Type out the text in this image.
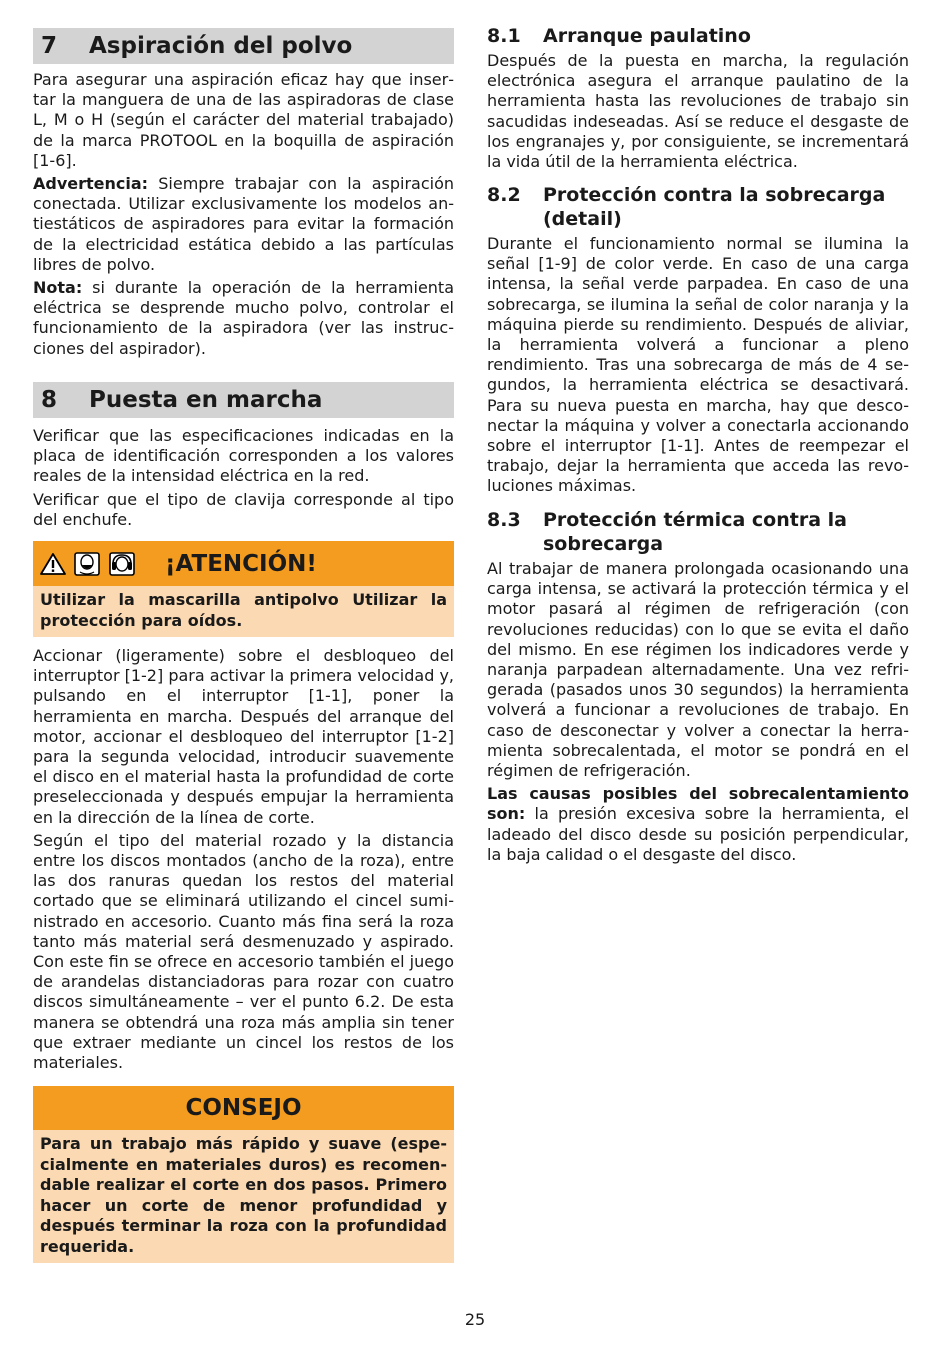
7 Aspiración del polvo

Para asegurar una aspiración eficaz hay que insertar la manguera de una de las aspiradoras de clase L, M o H (según el carácter del material trabajado) de la marca PROTOOL en la boquilla de aspiración [1-6].

Advertencia: Siempre trabajar con la aspiración conectada. Utilizar exclusivamente los modelos antiestáticos de aspiradores para evitar la formación de la electricidad estática debido a las partículas libres de polvo.

Nota: si durante la operación de la herramienta eléctrica se desprende mucho polvo, controlar el funcionamiento de la aspiradora (ver las instrucciones del aspirador).

8 Puesta en marcha

Verificar que las especificaciones indicadas en la placa de identificación corresponden a los valores reales de la intensidad eléctrica en la red.

Verificar que el tipo de clavija corresponde al tipo del enchufe.

¡ATENCIÓN!

Utilizar la mascarilla antipolvo Utilizar la protección para oídos.

Accionar (ligeramente) sobre el desbloqueo del interruptor [1-2] para activar la primera velocidad y, pulsando en el interruptor [1-1], poner la herramienta en marcha. Después del arranque del motor, accionar el desbloqueo del interruptor [1-2] para la segunda velocidad, introducir suavemente el disco en el material hasta la profundidad de corte preseleccionada y después empujar la herramienta en la dirección de la línea de corte.

Según el tipo del material rozado y la distancia entre los discos montados (ancho de la roza), entre las dos ranuras quedan los restos del material cortado que se eliminará utilizando el cincel suministrado en accesorio. Cuanto más fina será la roza tanto más material será desmenuzado y aspirado. Con este fin se ofrece en accesorio también el juego de arandelas distanciadoras para rozar con cuatro discos simultáneamente – ver el punto 6.2. De esta manera se obtendrá una roza más amplia sin tener que extraer mediante un cincel los restos de los materiales.

CONSEJO

Para un trabajo más rápido y suave (especialmente en materiales duros) es recomendable realizar el corte en dos pasos. Primero hacer un corte de menor profundidad y después terminar la roza con la profundidad requerida.

8.1 Arranque paulatino

Después de la puesta en marcha, la regulación electrónica asegura el arranque paulatino de la herramienta hasta las revoluciones de trabajo sin sacudidas indeseadas. Así se reduce el desgaste de los engranajes y, por consiguiente, se incrementará la vida útil de la herramienta eléctrica.

8.2 Protección contra la sobrecarga (detail)

Durante el funcionamiento normal se ilumina la señal [1-9] de color verde. En caso de una carga intensa, la señal verde parpadea. En caso de una sobrecarga, se ilumina la señal de color naranja y la máquina pierde su rendimiento. Después de aliviar, la herramienta volverá a funcionar a pleno rendimiento. Tras una sobrecarga de más de 4 segundos, la herramienta eléctrica se desactivará. Para su nueva puesta en marcha, hay que desconectar la máquina y volver a conectarla accionando sobre el interruptor [1-1]. Antes de reempezar el trabajo, dejar la herramienta que acceda las revoluciones máximas.

8.3 Protección térmica contra la sobrecarga

Al trabajar de manera prolongada ocasionando una carga intensa, se activará la protección térmica y el motor pasará al régimen de refrigeración (con revoluciones reducidas) con lo que se evita el daño del mismo. En ese régimen los indicadores verde y naranja parpadean alternadamente. Una vez refrigerada (pasados unos 30 segundos) la herramienta volverá a funcionar a revoluciones de trabajo. En caso de desconectar y volver a conectar la herramienta sobrecalentada, el motor se pondrá en el régimen de refrigeración.

Las causas posibles del sobrecalentamiento son: la presión excesiva sobre la herramienta, el ladeado del disco desde su posición perpendicular, la baja calidad o el desgaste del disco.

25
